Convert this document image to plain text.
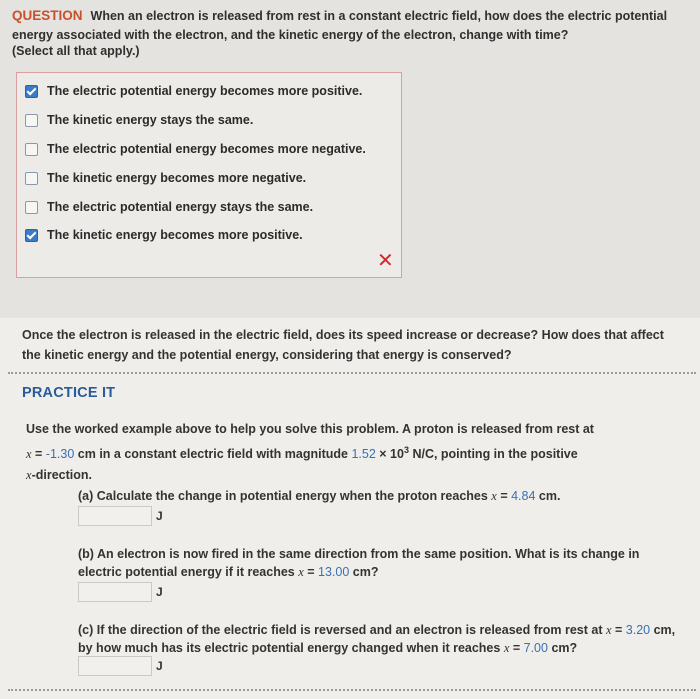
QUESTION When an electron is released from rest in a constant electric field, how does the electric potential energy associated with the electron, and the kinetic energy of the electron, change with time?
(Select all that apply.)
The electric potential energy becomes more positive.
The kinetic energy stays the same.
The electric potential energy becomes more negative.
The kinetic energy becomes more negative.
The electric potential energy stays the same.
The kinetic energy becomes more positive.
✕
Once the electron is released in the electric field, does its speed increase or decrease? How does that affect the kinetic energy and the potential energy, considering that energy is conserved?
PRACTICE IT
Use the worked example above to help you solve this problem. A proton is released from rest at
x = -1.30 cm in a constant electric field with magnitude $1.52 \times 10^3$ N/C, pointing in the positive
x-direction.
(a) Calculate the change in potential energy when the proton reaches x = 4.84 cm.
J
(b) An electron is now fired in the same direction from the same position. What is its change in electric potential energy if it reaches x = 13.00 cm?
J
(c) If the direction of the electric field is reversed and an electron is released from rest at x = 3.20 cm, by how much has its electric potential energy changed when it reaches x = 7.00 cm?
J
